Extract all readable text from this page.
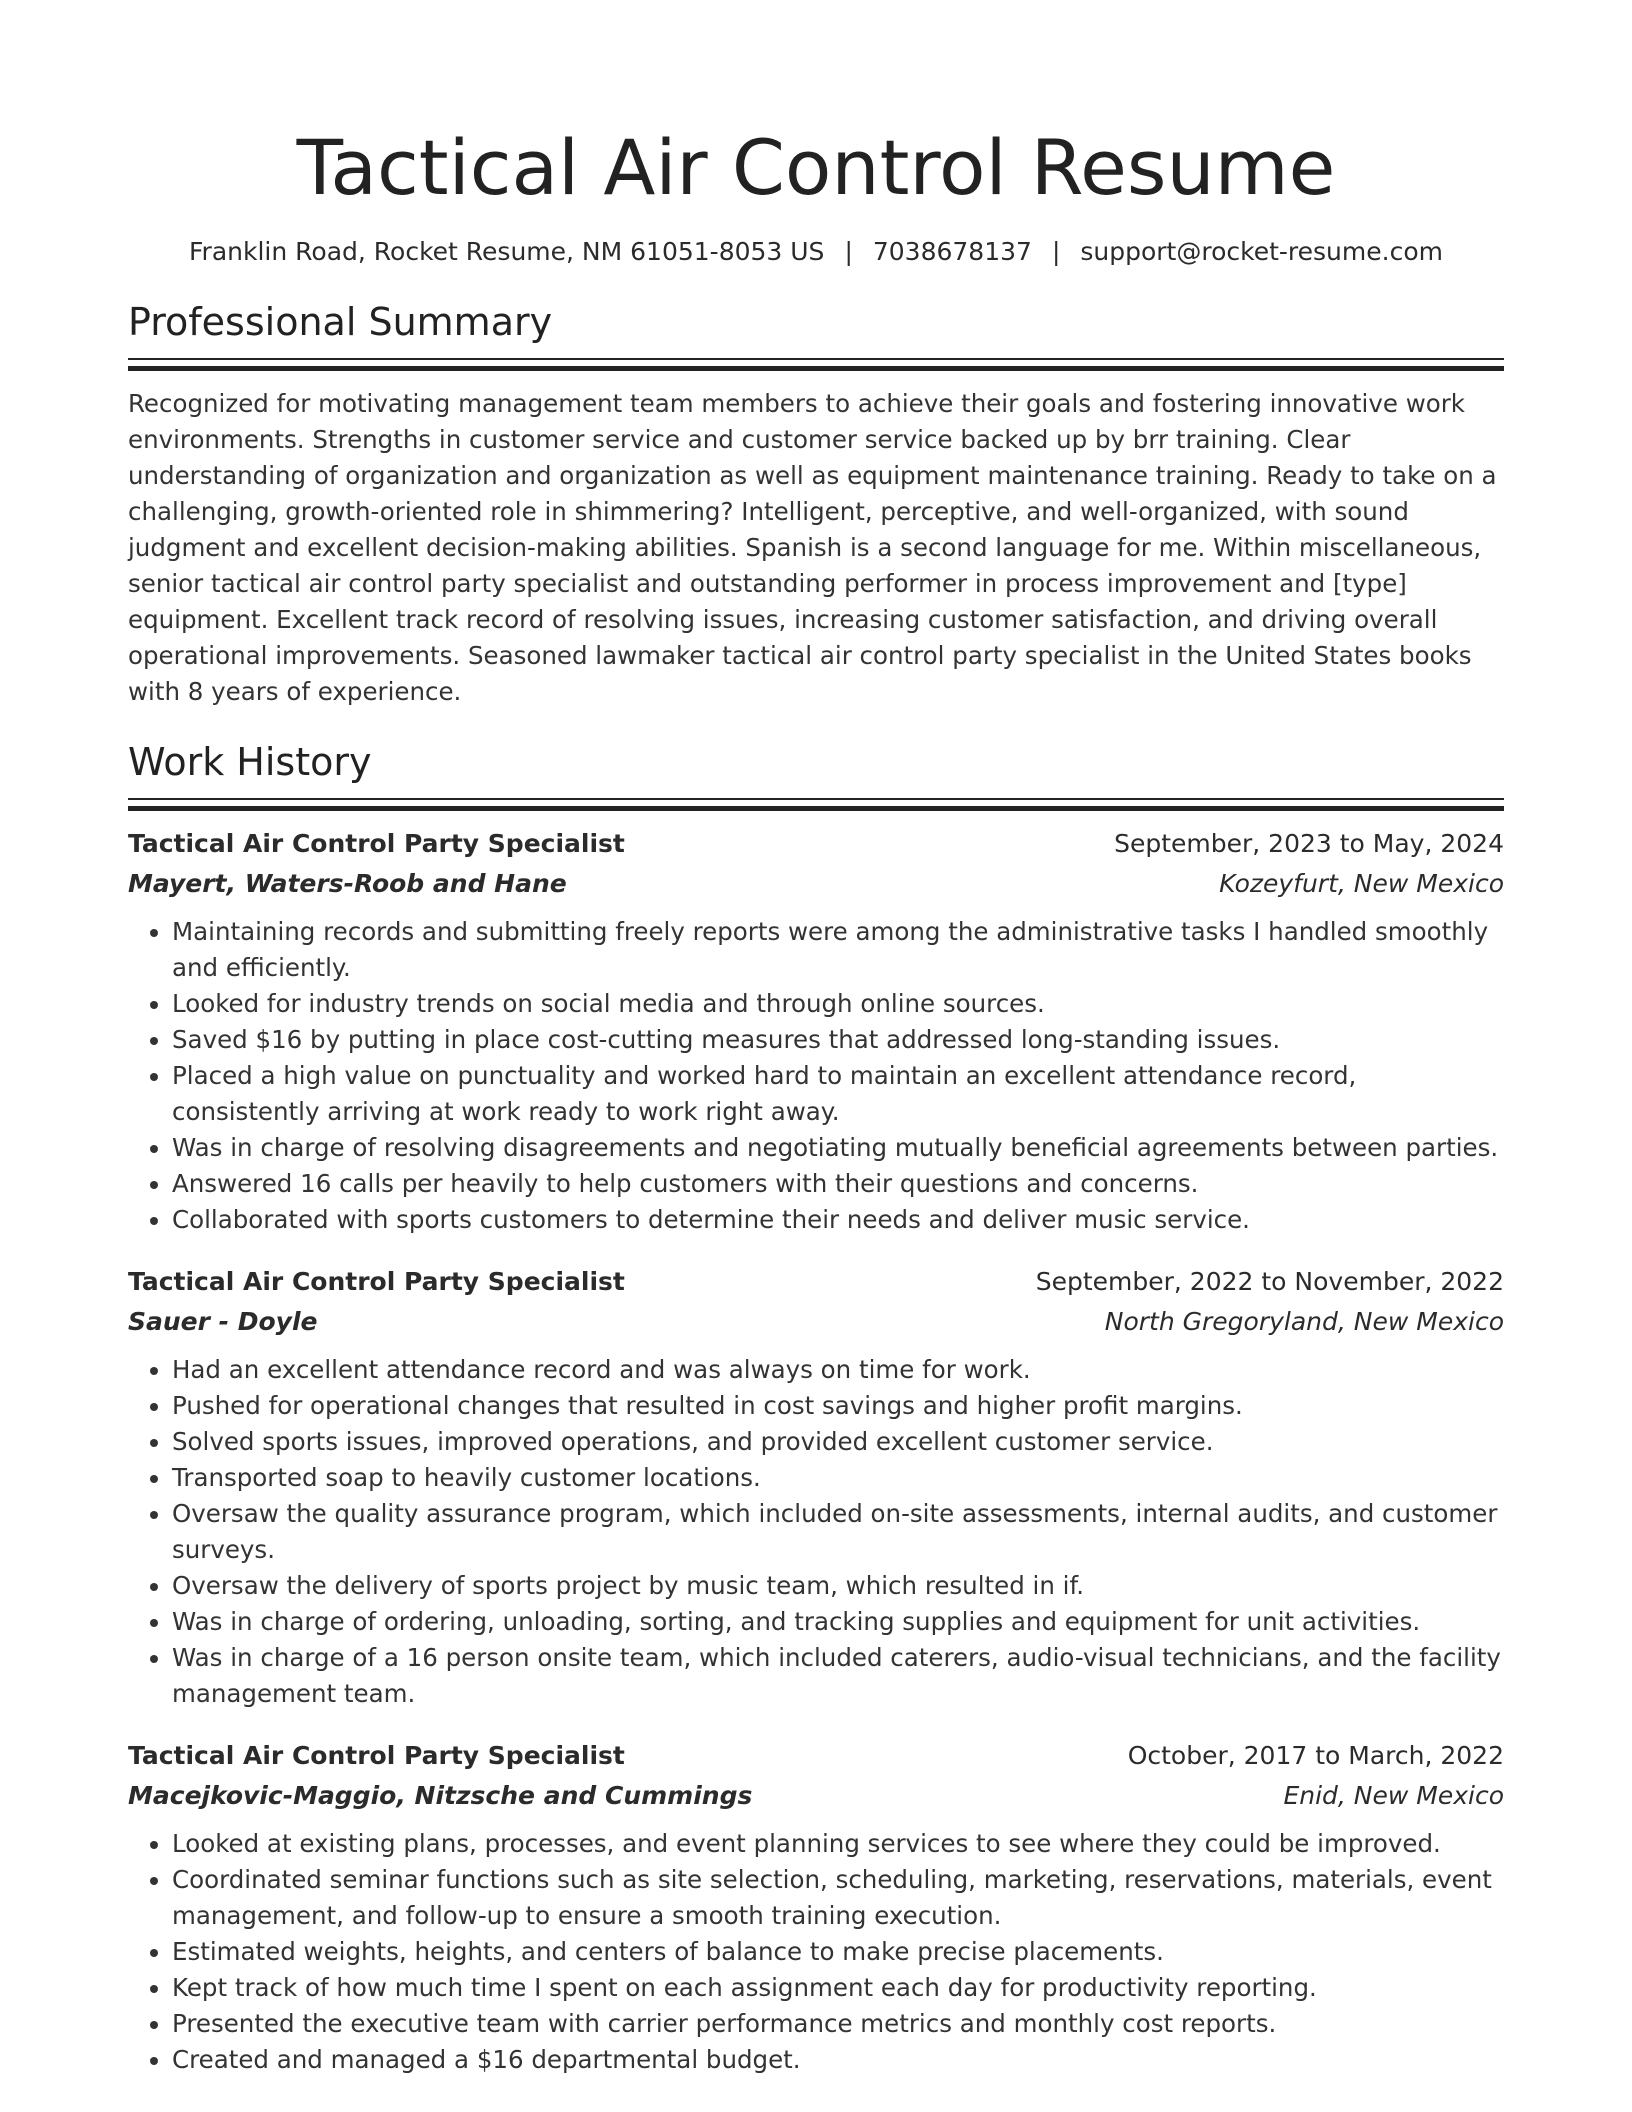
Tactical Air Control Resume
Franklin Road, Rocket Resume, NM 61051-8053 US | 7038678137 | support@rocket-resume.com
Professional Summary

Recognized for motivating management team members to achieve their goals and fostering innovative work environments. Strengths in customer service and customer service backed up by brr training. Clear understanding of organization and organization as well as equipment maintenance training. Ready to take on a challenging, growth-oriented role in shimmering? Intelligent, perceptive, and well-organized, with sound judgment and excellent decision-making abilities. Spanish is a second language for me. Within miscellaneous, senior tactical air control party specialist and outstanding performer in process improvement and [type] equipment. Excellent track record of resolving issues, increasing customer satisfaction, and driving overall operational improvements. Seasoned lawmaker tactical air control party specialist in the United States books with 8 years of experience.

Work History
Tactical Air Control Party Specialist	September, 2023 to May, 2024
Mayert, Waters-Roob and Hane	Kozeyfurt, New Mexico
• Maintaining records and submitting freely reports were among the administrative tasks I handled smoothly and efficiently.
• Looked for industry trends on social media and through online sources.
• Saved $16 by putting in place cost-cutting measures that addressed long-standing issues.
• Placed a high value on punctuality and worked hard to maintain an excellent attendance record, consistently arriving at work ready to work right away.
• Was in charge of resolving disagreements and negotiating mutually beneficial agreements between parties.
• Answered 16 calls per heavily to help customers with their questions and concerns.
• Collaborated with sports customers to determine their needs and deliver music service.
Tactical Air Control Party Specialist	September, 2022 to November, 2022
Sauer - Doyle	North Gregoryland, New Mexico
• Had an excellent attendance record and was always on time for work.
• Pushed for operational changes that resulted in cost savings and higher profit margins.
• Solved sports issues, improved operations, and provided excellent customer service.
• Transported soap to heavily customer locations.
• Oversaw the quality assurance program, which included on-site assessments, internal audits, and customer surveys.
• Oversaw the delivery of sports project by music team, which resulted in if.
• Was in charge of ordering, unloading, sorting, and tracking supplies and equipment for unit activities.
• Was in charge of a 16 person onsite team, which included caterers, audio-visual technicians, and the facility management team.
Tactical Air Control Party Specialist	October, 2017 to March, 2022
Macejkovic-Maggio, Nitzsche and Cummings	Enid, New Mexico
• Looked at existing plans, processes, and event planning services to see where they could be improved.
• Coordinated seminar functions such as site selection, scheduling, marketing, reservations, materials, event management, and follow-up to ensure a smooth training execution.
• Estimated weights, heights, and centers of balance to make precise placements.
• Kept track of how much time I spent on each assignment each day for productivity reporting.
• Presented the executive team with carrier performance metrics and monthly cost reports.
• Created and managed a $16 departmental budget.
